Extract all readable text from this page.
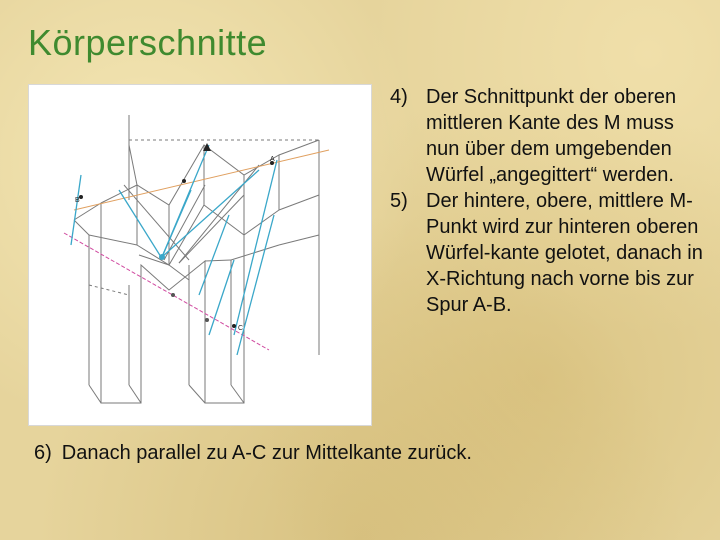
Körperschnitte
A
B
C
4) Der Schnittpunkt der oberen mittleren Kante des M muss nun über dem umgebenden Würfel „angegittert“ werden.
5) Der hintere, obere, mittlere M-Punkt wird zur hinteren oberen Würfel-kante gelotet, danach in X-Richtung nach vorne bis zur Spur A-B.
6) Danach parallel zu A-C zur Mittelkante zurück.
